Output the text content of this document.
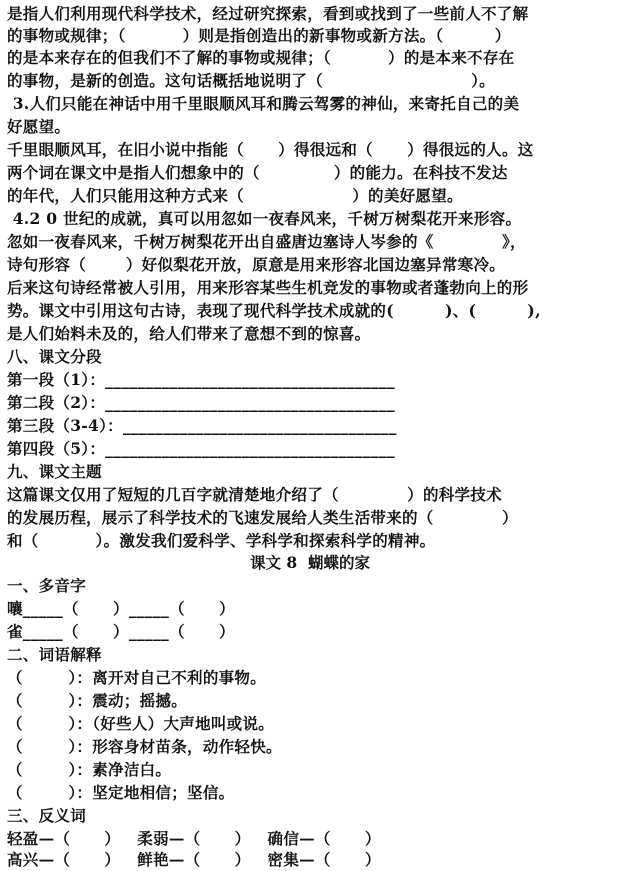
是指人们利用现代科学技术，经过研究探索，看到或找到了一些前人不了解
的事物或规律；（          ）则是指创造出的新事物或新方法。（         ）
的是本来存在的但我们不了解的事物或规律；（          ）的是本来不存在
的事物，是新的创造。这句话概括地说明了（                          ）。
3.人们只能在神话中用千里眼顺风耳和腾云驾雾的神仙，来寄托自己的美
好愿望。
千里眼顺风耳，在旧小说中指能（      ）得很远和（      ）得很远的人。这
两个词在课文中是指人们想象中的（             ）的能力。在科技不发达
的年代，人们只能用这种方式来（                   ）的美好愿望。
4.2 0 世纪的成就，真可以用忽如一夜春风来，千树万树梨花开来形容。
忽如一夜春风来，千树万树梨花开出自盛唐边塞诗人岑参的《            》，
诗句形容（       ）好似梨花开放，原意是用来形容北国边塞异常寒冷。
后来这句诗经常被人引用，用来形容某些生机竞发的事物或者蓬勃向上的形
势。课文中引用这句古诗，表现了现代科学技术成就的(         )、(         ),
是人们始料未及的，给人们带来了意想不到的惊喜。
八、课文分段
第一段（1）：____________________________________
第二段（2）：____________________________________
第三段（3-4）：__________________________________
第四段（5）：____________________________________
九、课文主题
这篇课文仅用了短短的几百字就清楚地介绍了（            ）的科学技术
的发展历程，展示了科学技术的飞速发展给人类生活带来的（            ）
和（          ）。激发我们爱科学、学科学和探索科学的精神。
课文 8  蝴蝶的家
一、多音字
嚷_____（      ）_____（      ）
雀_____（      ）_____（      ）
二、词语解释
（        ）：离开对自己不利的事物。
（        ）：震动；摇撼。
（        ）：（好些人）大声地叫或说。
（        ）：形容身材苗条，动作轻快。
（        ）：素净洁白。
（        ）：坚定地相信；坚信。
三、反义词
轻盈—（      ）   柔弱—（      ）   确信—（      ）
高兴—（      ）   鲜艳—（      ）   密集—（      ）
